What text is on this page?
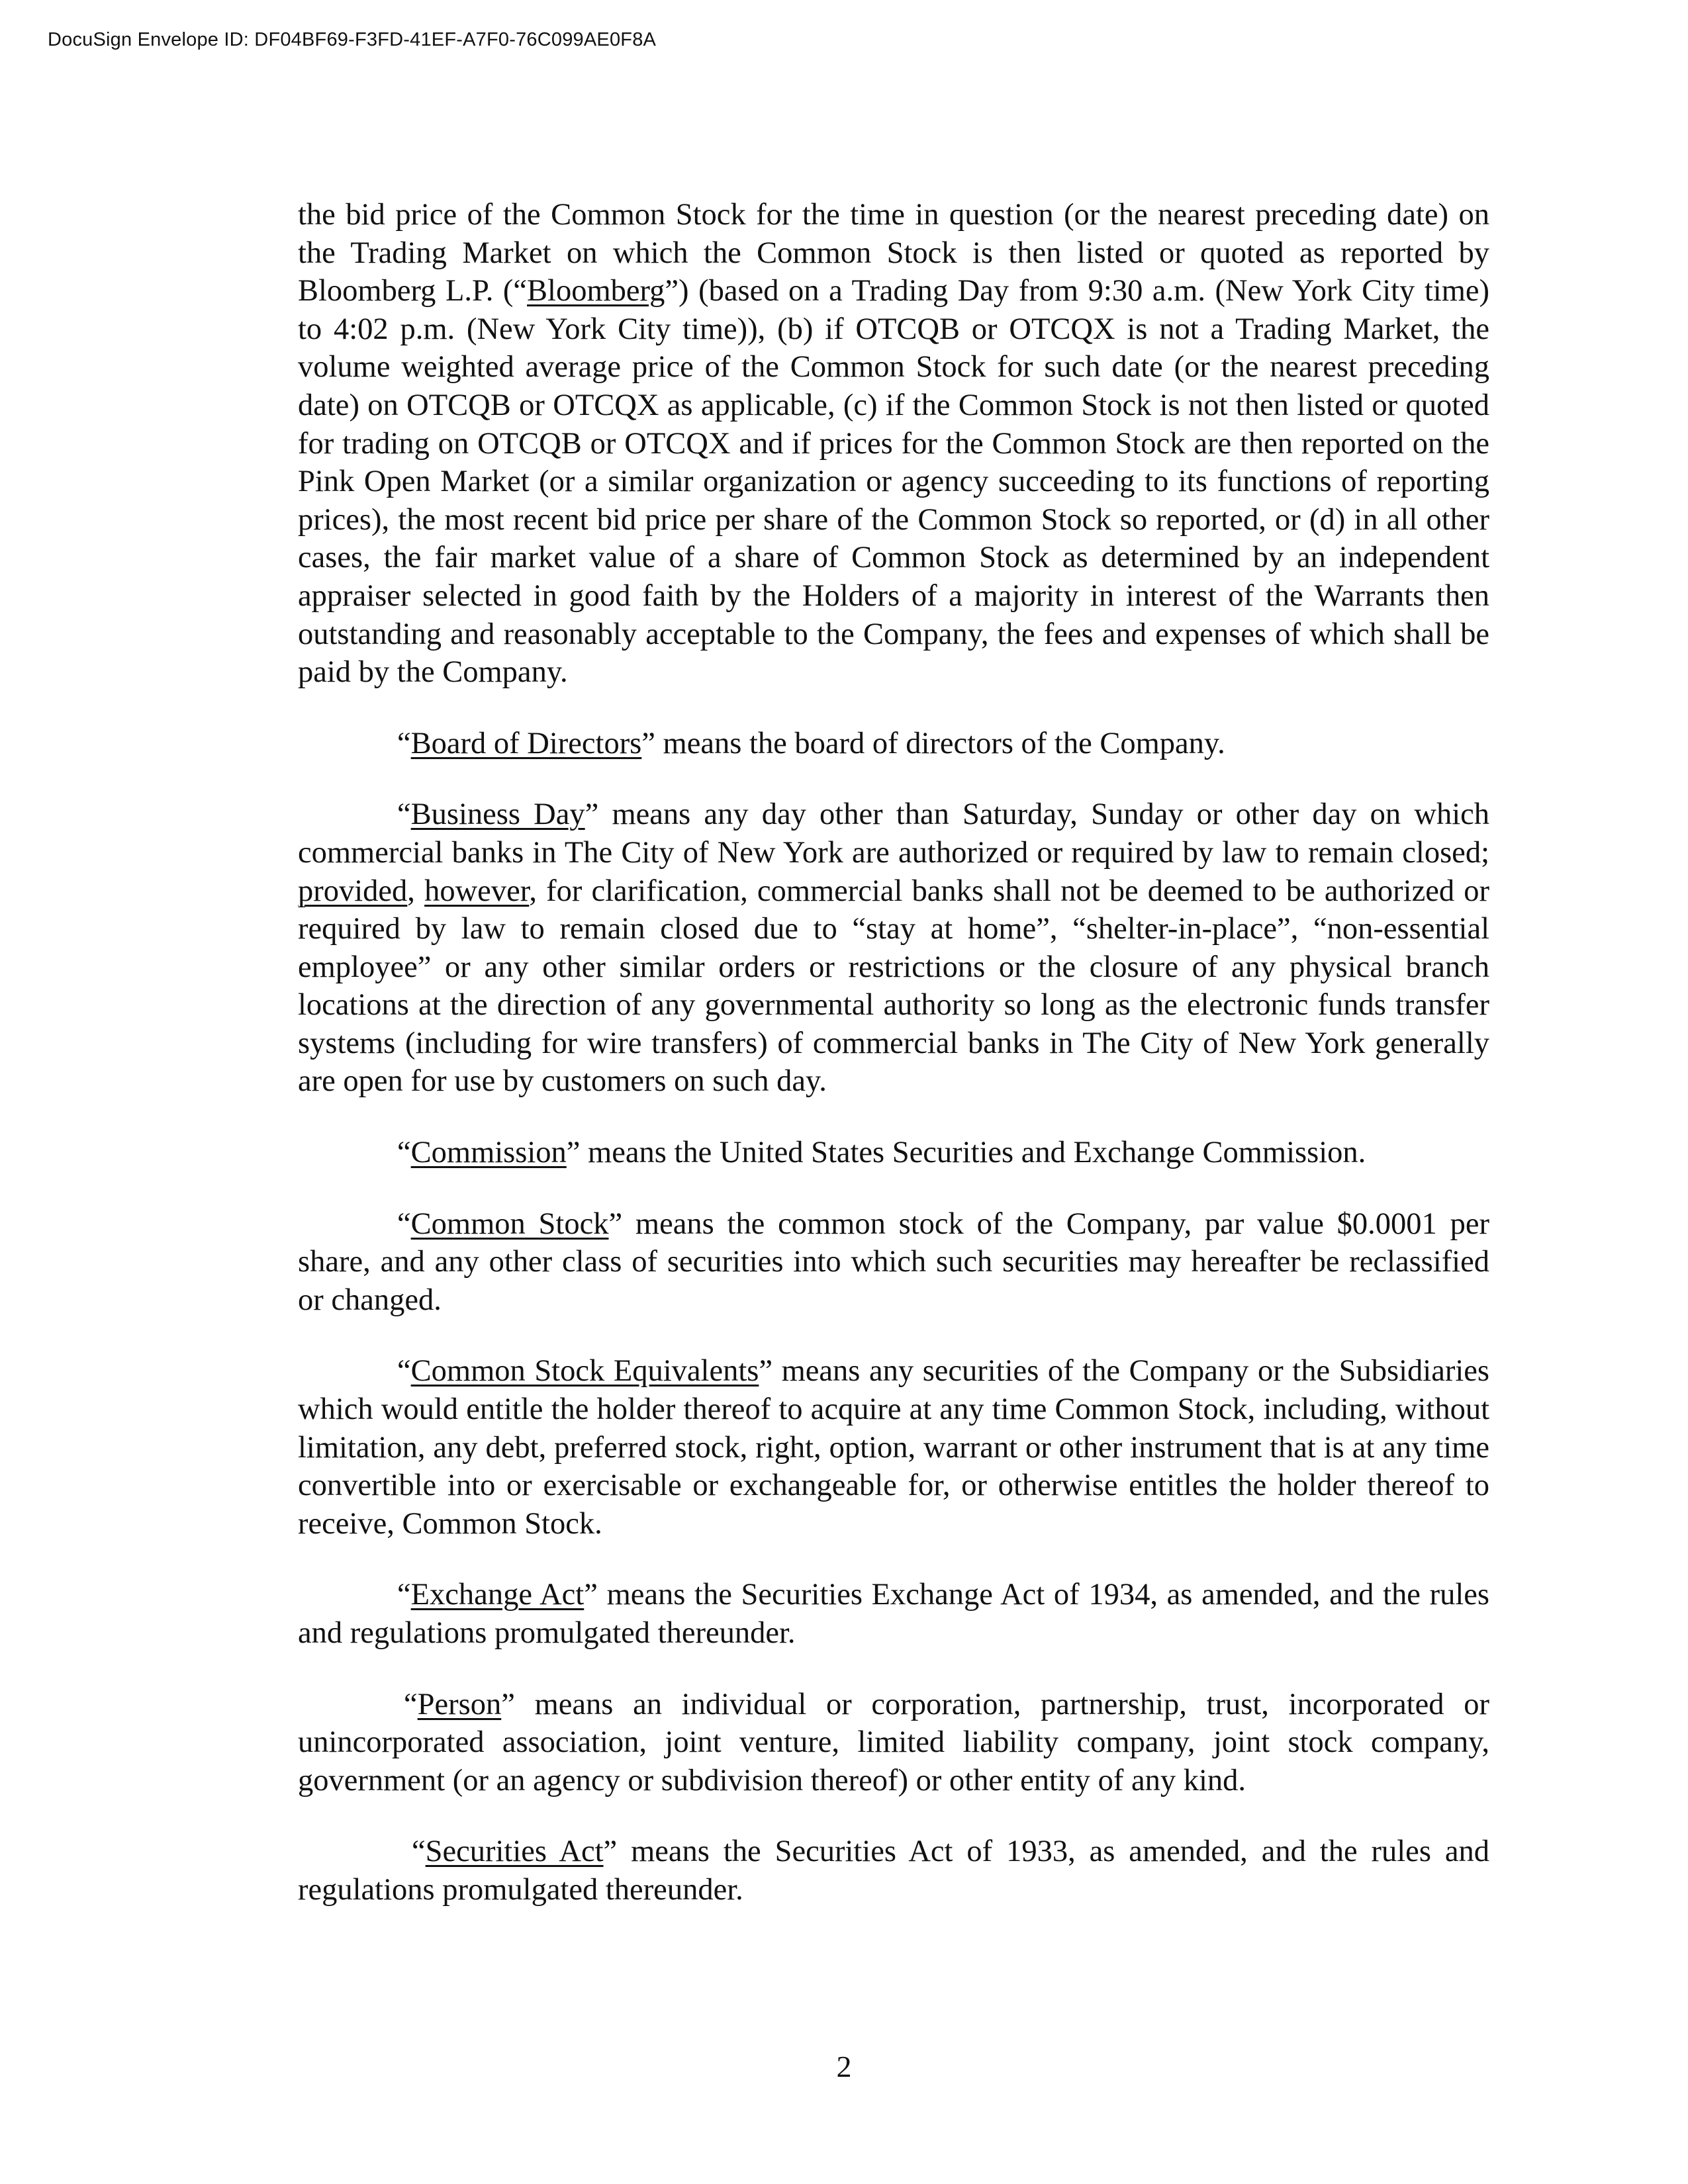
DocuSign Envelope ID: DF04BF69-F3FD-41EF-A7F0-76C099AE0F8A

the bid price of the Common Stock for the time in question (or the nearest preceding date) on the Trading Market on which the Common Stock is then listed or quoted as reported by Bloomberg L.P. (“Bloomberg”) (based on a Trading Day from 9:30 a.m. (New York City time) to 4:02 p.m. (New York City time)), (b) if OTCQB or OTCQX is not a Trading Market, the volume weighted average price of the Common Stock for such date (or the nearest preceding date) on OTCQB or OTCQX as applicable, (c) if the Common Stock is not then listed or quoted for trading on OTCQB or OTCQX and if prices for the Common Stock are then reported on the Pink Open Market (or a similar organization or agency succeeding to its functions of reporting prices), the most recent bid price per share of the Common Stock so reported, or (d) in all other cases, the fair market value of a share of Common Stock as determined by an independent appraiser selected in good faith by the Holders of a majority in interest of the Warrants then outstanding and reasonably acceptable to the Company, the fees and expenses of which shall be paid by the Company.

“Board of Directors” means the board of directors of the Company.

“Business Day” means any day other than Saturday, Sunday or other day on which commercial banks in The City of New York are authorized or required by law to remain closed; provided, however, for clarification, commercial banks shall not be deemed to be authorized or required by law to remain closed due to “stay at home”, “shelter-in-place”, “non-essential employee” or any other similar orders or restrictions or the closure of any physical branch locations at the direction of any governmental authority so long as the electronic funds transfer systems (including for wire transfers) of commercial banks in The City of New York generally are open for use by customers on such day.

“Commission” means the United States Securities and Exchange Commission.

“Common Stock” means the common stock of the Company, par value $0.0001 per share, and any other class of securities into which such securities may hereafter be reclassified or changed.

“Common Stock Equivalents” means any securities of the Company or the Subsidiaries which would entitle the holder thereof to acquire at any time Common Stock, including, without limitation, any debt, preferred stock, right, option, warrant or other instrument that is at any time convertible into or exercisable or exchangeable for, or otherwise entitles the holder thereof to receive, Common Stock.

“Exchange Act” means the Securities Exchange Act of 1934, as amended, and the rules and regulations promulgated thereunder.

“Person” means an individual or corporation, partnership, trust, incorporated or unincorporated association, joint venture, limited liability company, joint stock company, government (or an agency or subdivision thereof) or other entity of any kind.

“Securities Act” means the Securities Act of 1933, as amended, and the rules and regulations promulgated thereunder.

2
